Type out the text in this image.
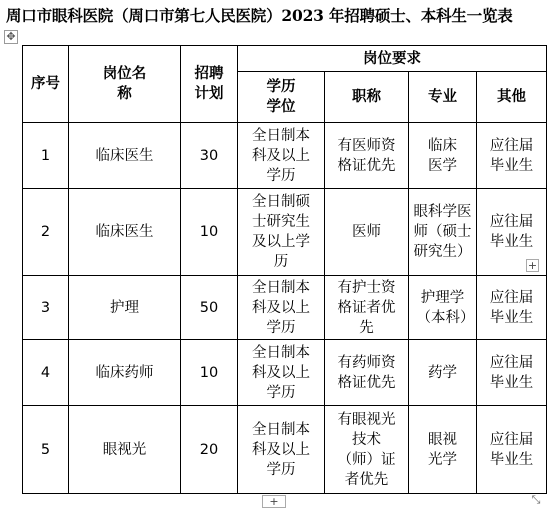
周口市眼科医院（周口市第七人民医院）2023 年招聘硕士、本科生一览表
✥
序号	岗位名称	招聘计划	岗位要求			

			学历学位	职称	专业	其他
1	临床医生	30	全日制本科及以上学历	有医师资格证优先	临床医学	应往届毕业生

2	临床医生	10	全日制硕士研究生及以上学历	医师	眼科学医师（硕士研究生）	应往届毕业生

3	护理	50	全日制本科及以上学历	有护士资格证者优先	护理学（本科）	应往届毕业生

4	临床药师	10	全日制本科及以上学历	有药师资格证优先	药学	应往届毕业生

5	眼视光	20	全日制本科及以上学历	有眼视光技术（师）证者优先	眼视光学	应往届毕业生
+
+	⤡
